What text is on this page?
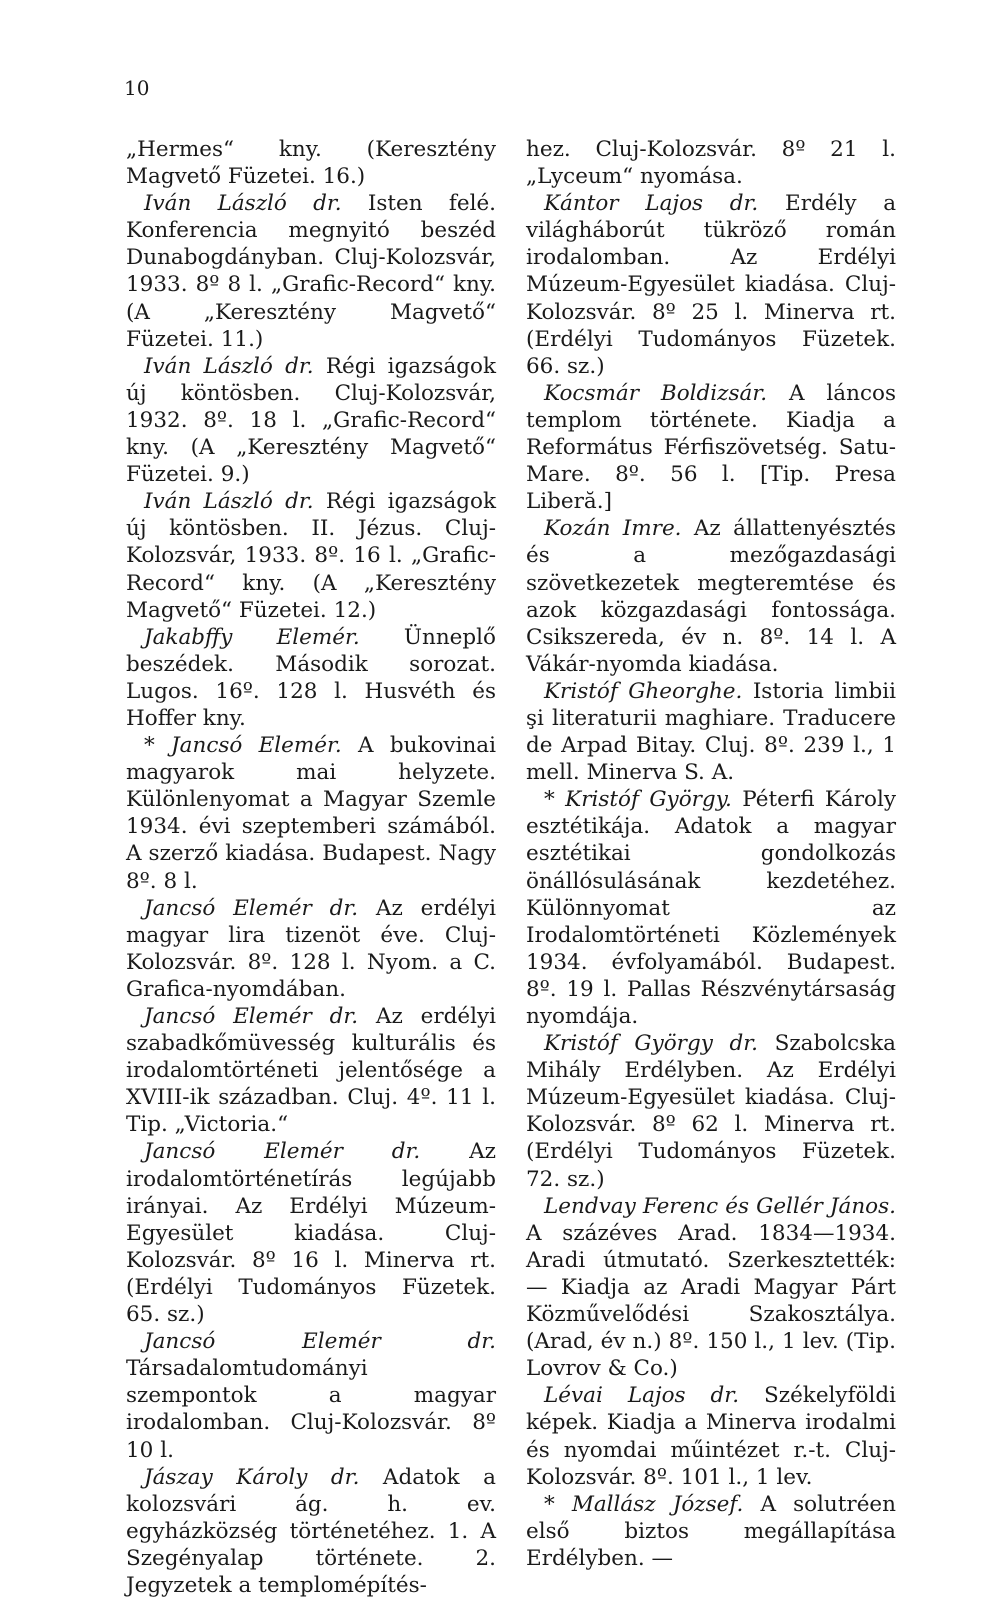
10

„Hermes“ kny. (Keresztény Magvető Füzetei. 16.)

Iván László dr. Isten felé. Konferencia megnyitó beszéd Dunabogdányban. Cluj-Kolozsvár, 1933. 8º 8 l. „Grafic-Record“ kny. (A „Keresztény Magvető“ Füzetei. 11.)

Iván László dr. Régi igazságok új köntösben. Cluj-Kolozsvár, 1932. 8º. 18 l. „Grafic-Record“ kny. (A „Keresztény Magvető“ Füzetei. 9.)

Iván László dr. Régi igazságok új köntösben. II. Jézus. Cluj-Kolozsvár, 1933. 8º. 16 l. „Grafic-Record“ kny. (A „Keresztény Magvető“ Füzetei. 12.)

Jakabffy Elemér. Ünneplő beszédek. Második sorozat. Lugos. 16º. 128 l. Husvéth és Hoffer kny.

* Jancsó Elemér. A bukovinai magyarok mai helyzete. Különlenyomat a Magyar Szemle 1934. évi szeptemberi számából. A szerző kiadása. Budapest. Nagy 8º. 8 l.

Jancsó Elemér dr. Az erdélyi magyar lira tizenöt éve. Cluj-Kolozsvár. 8º. 128 l. Nyom. a C. Grafica-nyomdában.

Jancsó Elemér dr. Az erdélyi szabadkőmüvesség kulturális és irodalomtörténeti jelentősége a XVIII-ik században. Cluj. 4º. 11 l. Tip. „Victoria.“

Jancsó Elemér dr. Az irodalomtörténetírás legújabb irányai. Az Erdélyi Múzeum-Egyesület kiadása. Cluj-Kolozsvár. 8º 16 l. Minerva rt. (Erdélyi Tudományos Füzetek. 65. sz.)

Jancsó Elemér dr. Társadalomtudományi szempontok a magyar irodalomban. Cluj-Kolozsvár. 8º 10 l.

Jászay Károly dr. Adatok a kolozsvári ág. h. ev. egyházközség történetéhez. 1. A Szegényalap története. 2. Jegyzetek a templomépítés-

hez. Cluj-Kolozsvár. 8º 21 l. „Lyceum“ nyomása.

Kántor Lajos dr. Erdély a világháborút tükröző román irodalomban. Az Erdélyi Múzeum-Egyesület kiadása. Cluj-Kolozsvár. 8º 25 l. Minerva rt. (Erdélyi Tudományos Füzetek. 66. sz.)

Kocsmár Boldizsár. A láncos templom története. Kiadja a Református Férfiszövetség. Satu-Mare. 8º. 56 l. [Tip. Presa Liberă.]

Kozán Imre. Az állattenyésztés és a mezőgazdasági szövetkezetek megteremtése és azok közgazdasági fontossága. Csikszereda, év n. 8º. 14 l. A Vákár-nyomda kiadása.

Kristóf Gheorghe. Istoria limbii şi literaturii maghiare. Traducere de Arpad Bitay. Cluj. 8º. 239 l., 1 mell. Minerva S. A.

* Kristóf György. Péterfi Károly esztétikája. Adatok a magyar esztétikai gondolkozás önállósulásának kezdetéhez. Különnyomat az Irodalomtörténeti Közlemények 1934. évfolyamából. Budapest. 8º. 19 l. Pallas Részvénytársaság nyomdája.

Kristóf György dr. Szabolcska Mihály Erdélyben. Az Erdélyi Múzeum-Egyesület kiadása. Cluj-Kolozsvár. 8º 62 l. Minerva rt. (Erdélyi Tudományos Füzetek. 72. sz.)

Lendvay Ferenc és Gellér János. A százéves Arad. 1834—1934. Aradi útmutató. Szerkesztették: — Kiadja az Aradi Magyar Párt Közművelődési Szakosztálya. (Arad, év n.) 8º. 150 l., 1 lev. (Tip. Lovrov & Co.)

Lévai Lajos dr. Székelyföldi képek. Kiadja a Minerva irodalmi és nyomdai műintézet r.-t. Cluj-Kolozsvár. 8º. 101 l., 1 lev.

* Mallász József. A solutréen első biztos megállapítása Erdélyben. —
